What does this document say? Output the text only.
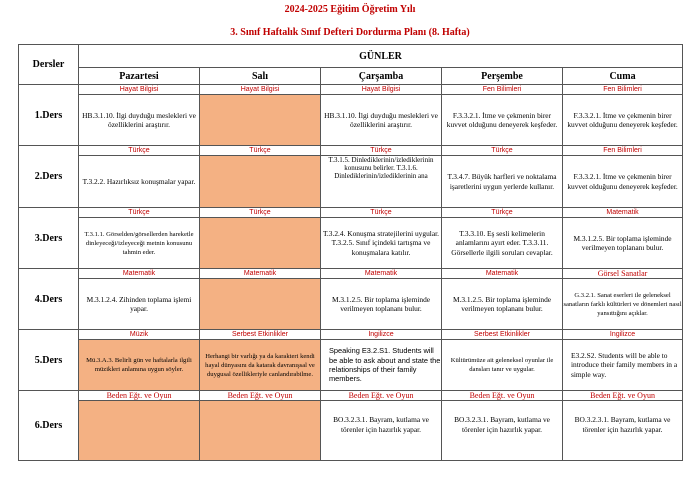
2024-2025 Eğitim Öğretim Yılı
3. Sınıf Haftalık Sınıf Defteri Dordurma Planı (8. Hafta)
Dersler	GÜNLER				
	Pazartesi	Salı	Çarşamba	Perşembe	Cuma
1.Ders	Hayat Bilgisi	Hayat Bilgisi	Hayat Bilgisi	Fen Bilimleri	Fen Bilimleri
	HB.3.1.10. İlgi duyduğu meslekleri ve özelliklerini araştırır.		HB.3.1.10. İlgi duyduğu meslekleri ve özelliklerini araştırır.	F.3.3.2.1. İtme ve çekmenin birer kuvvet olduğunu deneyerek keşfeder.	F.3.3.2.1. İtme ve çekmenin birer kuvvet olduğunu deneyerek keşfeder.
2.Ders	Türkçe	Türkçe	Türkçe	Türkçe	Fen Bilimleri
	T.3.2.2. Hazırlıksız konuşmalar yapar.		T.3.1.5. Dinlediklerinin/izlediklerinin konusunu belirler. T.3.1.6. Dinlediklerinin/izlediklerinin ana	T.3.4.7. Büyük harfleri ve noktalama işaretlerini uygun yerlerde kullanır.	F.3.3.2.1. İtme ve çekmenin birer kuvvet olduğunu deneyerek keşfeder.
3.Ders	Türkçe	Türkçe	Türkçe	Türkçe	Matematik
	T.3.1.1. Görselden/görsellerden hareketle dinleyeceği/izleyeceği metnin konusunu tahmin eder.		T.3.2.4. Konuşma stratejilerini uygular. T.3.2.5. Sınıf içindeki tartışma ve konuşmalara katılır.	T.3.3.10. Eş sesli kelimelerin anlamlarını ayırt eder. T.3.3.11. Görsellerle ilgili soruları cevaplar.	M.3.1.2.5. Bir toplama işleminde verilmeyen toplananı bulur.
4.Ders	Matematik	Matematik	Matematik	Matematik	Görsel Sanatlar
	M.3.1.2.4. Zihinden toplama işlemi yapar.		M.3.1.2.5. Bir toplama işleminde verilmeyen toplananı bulur.	M.3.1.2.5. Bir toplama işleminde verilmeyen toplananı bulur.	G.3.2.1. Sanat eserleri ile geleneksel sanatların farklı kültürleri ve dönemleri nasıl yansıttığını açıklar.
5.Ders	Müzik	Serbest Etkinlikler	İngilizce	Serbest Etkinlikler	İngilizce
	Mü.3.A.3. Belirli gün ve haftalarla ilgili müzikleri anlamına uygun söyler.	Herhangi bir varlığı ya da karakteri kendi hayal dünyasını da katarak davranışsal ve duygusal özellikleriyle canlandırabilme.	Speaking E3.2.S1. Students will be able to ask about and state the relationships of their family members.	Kültürümüze ait geleneksel oyunlar ile dansları tanır ve uygular.	E3.2.S2. Students will be able to introduce their family members in a simple way.
6.Ders	Beden Eğt. ve Oyun	Beden Eğt. ve Oyun	Beden Eğt. ve Oyun	Beden Eğt. ve Oyun	Beden Eğt. ve Oyun
			BO.3.2.3.1. Bayram, kutlama ve törenler için hazırlık yapar.	BO.3.2.3.1. Bayram, kutlama ve törenler için hazırlık yapar.	BO.3.2.3.1. Bayram, kutlama ve törenler için hazırlık yapar.
